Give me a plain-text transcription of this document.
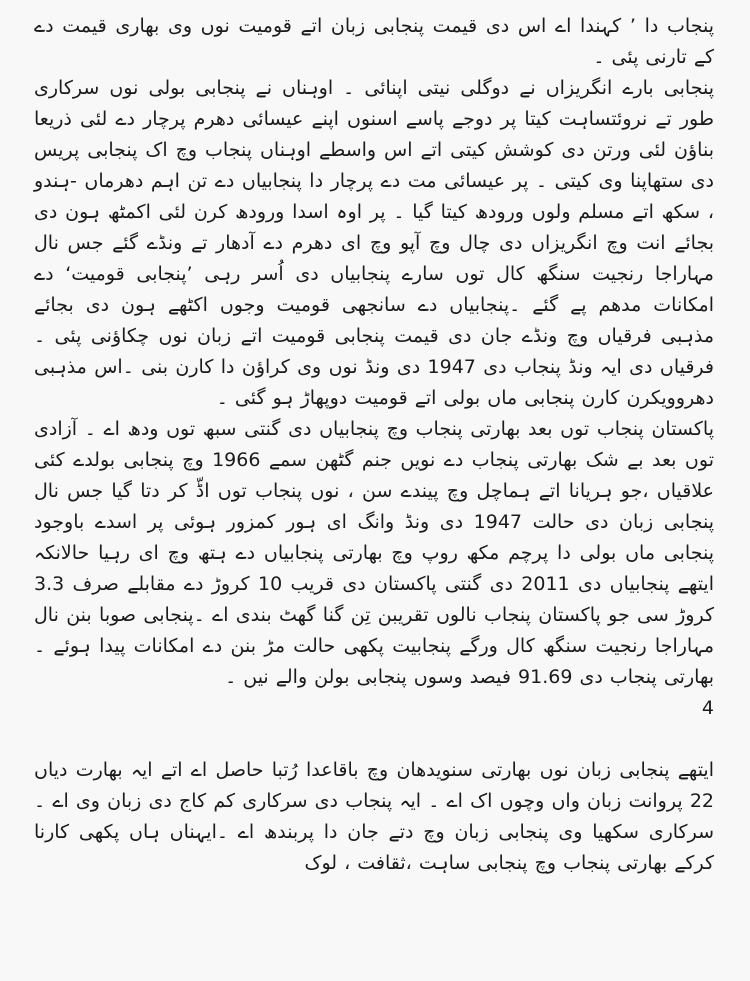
پنجاب دا ’ کہندا اے اس دی قیمت پنجابی زبان اتے قومیت نوں وی بھاری قیمت دے کے تارنی پئی ۔

پنجابی بارے انگریزاں نے دوگلی نیتی اپنائی ۔ اوہناں نے پنجابی بولی نوں سرکاری طور تے نروئتساہت کیتا پر دوجے پاسے اسنوں اپنے عیسائی دھرم پرچار دے لئی ذریعا بناؤن لئی ورتن دی کوشش کیتی اتے اس واسطے اوہناں پنجاب وچ اک پنجابی پریس دی ستھاپنا وی کیتی ۔ پر عیسائی مت دے پرچار دا پنجابیاں دے تن اہم دھرماں -ہندو ، سکھ اتے مسلم ولوں ورودھ کیتا گیا ۔ پر اوہ اسدا ورودھ کرن لئی اکمٹھ ہون دی بجائے انت وچ انگریزاں دی چال وچ آپو وچ ای دھرم دے آدھار تے ونڈے گئے جس نال مہاراجا رنجیت سنگھ کال توں سارے پنجابیاں دی اُسر رہی ’پنجابی قومیت‘ دے امکانات مدھم پے گئے ۔پنجابیاں دے سانجھی قومیت وجوں اکٹھے ہون دی بجائے مذہبی فرقیاں وچ ونڈے جان دی قیمت پنجابی قومیت اتے زبان نوں چکاؤنی پئی ۔ فرقیاں دی ایہ ونڈ پنجاب دی 1947 دی ونڈ نوں وی کراؤن دا کارن بنی ۔اس مذہبی دھروویکرن کارن پنجابی ماں بولی اتے قومیت دوپھاڑ ہو گئی ۔

پاکستان پنجاب توں بعد بھارتی پنجاب وچ پنجابیاں دی گنتی سبھ توں ودھ اے ۔ آزادی توں بعد بے شک بھارتی پنجاب دے نویں جنم گٹھن سمے 1966 وچ پنجابی بولدے کئی علاقیاں ،جو ہریانا اتے ہماچل وچ پیندے سن ، نوں پنجاب توں اڈّ کر دتا گیا جس نال پنجابی زبان دی حالت 1947 دی ونڈ وانگ ای ہور کمزور ہوئی پر اسدے باوجود پنجابی ماں بولی دا پرچم مکھ روپ وچ بھارتی پنجابیاں دے ہتھ وچ ای رہیا حالانکہ ایتھے پنجابیاں دی 2011 دی گنتی پاکستان دی قریب 10 کروڑ دے مقابلے صرف 3.3 کروڑ سی جو پاکستان پنجاب نالوں تقریبن تِن گنا گھٹ بندی اے ۔پنجابی صوبا بنن نال مہاراجا رنجیت سنگھ کال ورگے پنجابیت پکھی حالت مڑ بنن دے امکانات پیدا ہوئے ۔ بھارتی پنجاب دی 91.69 فیصد وسوں پنجابی بولن والے نیں ۔

4

ایتھے پنجابی زبان نوں بھارتی سنویدھان وچ باقاعدا رُتبا حاصل اے اتے ایہ بھارت دیاں 22 پروانت زبان واں وچوں اک اے ۔ ایہ پنجاب دی سرکاری کم کاج دی زبان وی اے ۔ سرکاری سکھیا وی پنجابی زبان وچ دتے جان دا پربندھ اے ۔ایہناں ہاں پکھی کارنا کرکے بھارتی پنجاب وچ پنجابی ساہت ،ثقافت ، لوک
